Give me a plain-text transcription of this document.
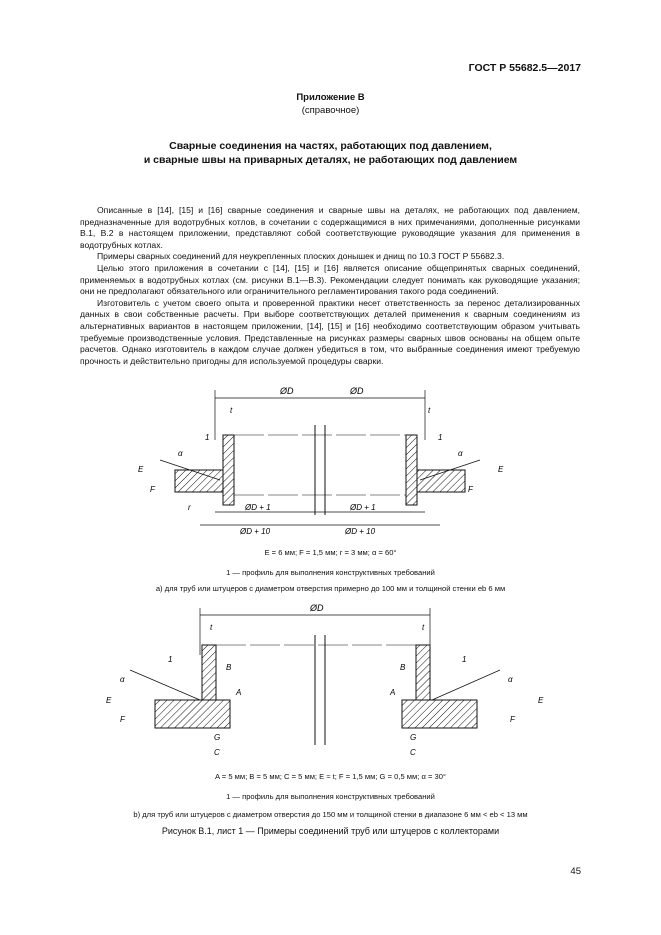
ГОСТ Р 55682.5—2017
Приложение В
(справочное)
Сварные соединения на частях, работающих под давлением,
и сварные швы на приварных деталях, не работающих под давлением

Описанные в [14], [15] и [16] сварные соединения и сварные швы на деталях, не работающих под давлением, предназначенные для водотрубных котлов, в сочетании с содержащимися в них примечаниями, дополненные рисунками В.1, В.2 в настоящем приложении, представляют собой соответствующие руководящие указания для применения в водотрубных котлах.

Примеры сварных соединений для неукрепленных плоских донышек и днищ по 10.3 ГОСТ Р 55682.3.

Целью этого приложения в сочетании с [14], [15] и [16] является описание общепринятых сварных соединений, применяемых в водотрубных котлах (см. рисунки В.1—В.3). Рекомендации следует понимать как руководящие указания; они не предполагают обязательного или ограничительного регламентирования такого рода соединений.

Изготовитель с учетом своего опыта и проверенной практики несет ответственность за перенос детализированных данных в свои собственные расчеты. При выборе соответствующих деталей применения к сварным соединениям из альтернативных вариантов в настоящем приложении, [14], [15] и [16] необходимо соответствующим образом учитывать требуемые производственные условия. Представленные на рисунках размеры сварных швов основаны на общем опыте расчетов. Однако изготовитель в каждом случае должен убедиться в том, что выбранные соединения имеют требуемую прочность и действительно пригодны для используемой процедуры сварки.

ØD	ØD
t	t
1	1
α	α
E	E
F	F
r	ØD + 1	ØD + 1
ØD + 10	ØD + 10
E = 6 мм; F = 1,5 мм; r = 3 мм; α = 60°
1 — профиль для выполнения конструктивных требований
а) для труб или штуцеров с диаметром отверстия примерно до 100 мм и толщиной стенки eb 6 мм
ØD
t	t
1	1
α	α
B	B
A	A
E	E
F	F
G	G
C	C
A = 5 мм; B = 5 мм; C = 5 мм; E ≈ t; F = 1,5 мм; G = 0,5 мм; α = 30°
1 — профиль для выполнения конструктивных требований
b) для труб или штуцеров с диаметром отверстия до 150 мм и толщиной стенки в диапазоне 6 мм < eb < 13 мм
Рисунок В.1, лист 1 — Примеры соединений труб или штуцеров с коллекторами
45
